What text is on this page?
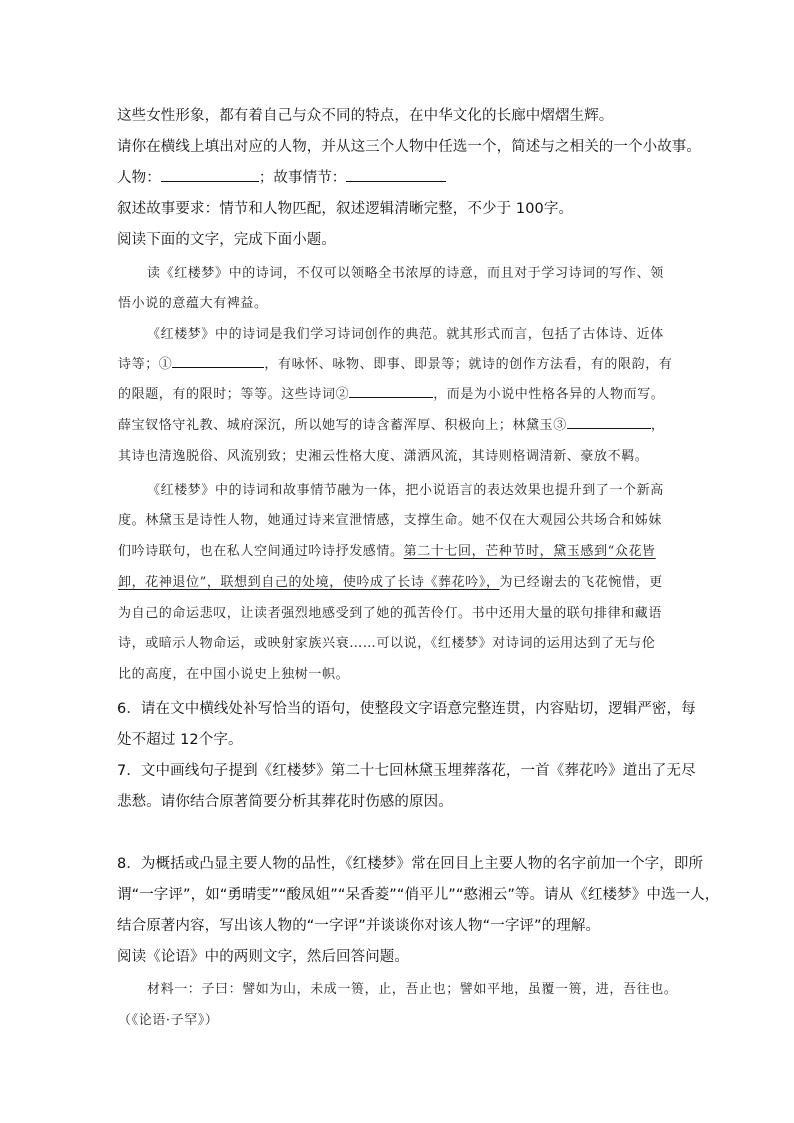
这些女性形象，都有着自己与众不同的特点，在中华文化的长廊中熠熠生辉。
请你在横线上填出对应的人物，并从这三个人物中任选一个，简述与之相关的一个小故事。
人物：	；故事情节：
叙述故事要求：情节和人物匹配，叙述逻辑清晰完整，不少于 100字。
阅读下面的文字，完成下面小题。
读《红楼梦》中的诗词，不仅可以领略全书浓厚的诗意，而且对于学习诗词的写作、领
悟小说的意蕴大有裨益。
《红楼梦》中的诗词是我们学习诗词创作的典范。就其形式而言，包括了古体诗、近体
诗等；①	，有咏怀、咏物、即事、即景等；就诗的创作方法看，有的限韵，有
的限题，有的限时；等等。这些诗词②	，而是为小说中性格各异的人物而写。
薛宝钗恪守礼教、城府深沉，所以她写的诗含蓄浑厚、积极向上；林黛玉③	，
其诗也清逸脱俗、风流别致；史湘云性格大度、潇洒风流，其诗则格调清新、豪放不羁。
《红楼梦》中的诗词和故事情节融为一体，把小说语言的表达效果也提升到了一个新高
度。林黛玉是诗性人物，她通过诗来宣泄情感，支撑生命。她不仅在大观园公共场合和姊妹
们吟诗联句，也在私人空间通过吟诗抒发感情。第二十七回，芒种节时，黛玉感到“众花皆
卸，花神退位”，联想到自己的处境，使吟成了长诗《葬花吟》，为已经谢去的飞花惋惜，更
为自己的命运悲叹，让读者强烈地感受到了她的孤苦伶仃。书中还用大量的联句排律和藏语
诗，或暗示人物命运，或映射家族兴衰……可以说，《红楼梦》对诗词的运用达到了无与伦
比的高度，在中国小说史上独树一帜。
6．请在文中横线处补写恰当的语句，使整段文字语意完整连贯，内容贴切，逻辑严密，每
处不超过 12个字。
7．文中画线句子提到《红楼梦》第二十七回林黛玉埋葬落花，一首《葬花吟》道出了无尽
悲愁。请你结合原著简要分析其葬花时伤感的原因。
8．为概括或凸显主要人物的品性，《红楼梦》常在回目上主要人物的名字前加一个字，即所
谓“一字评”，如“勇晴雯”“酸凤姐”“呆香菱”“俏平儿”“憨湘云”等。请从《红楼梦》中选一人，
结合原著内容，写出该人物的“一字评”并谈谈你对该人物“一字评”的理解。
阅读《论语》中的两则文字，然后回答问题。
材料一：子曰：譬如为山，未成一篑，止，吾止也；譬如平地，虽覆一篑，进，吾往也。
（《论语·子罕》）
